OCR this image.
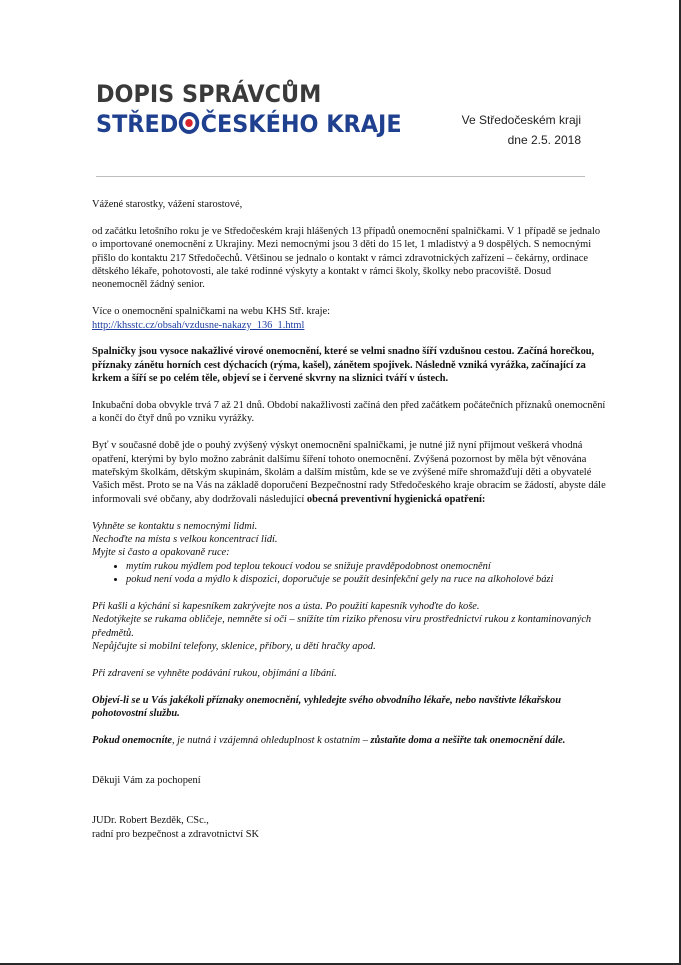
DOPIS SPRÁVCŮM
STŘED ČESKÉHO KRAJE	Ve Středočeském kraji
dne 2.5. 2018

Vážené starostky, vážení starostové,

od začátku letošního roku je ve Středočeském kraji hlášených 13 případů onemocnění spalničkami. V 1 případě se jednalo o importované onemocnění z Ukrajiny. Mezi nemocnými jsou 3 děti do 15 let, 1 mladistvý a 9 dospělých. S nemocnými přišlo do kontaktu 217 Středočechů. Většinou se jednalo o kontakt v rámci zdravotnických zařízení – čekárny, ordinace dětského lékaře, pohotovosti, ale také rodinné výskyty a kontakt v rámci školy, školky nebo pracoviště. Dosud neonemocněl žádný senior.

Více o onemocnění spalničkami na webu KHS Stř. kraje:
http://khsstc.cz/obsah/vzdusne-nakazy_136_1.html

Spalničky jsou vysoce nakažlivé virové onemocnění, které se velmi snadno šíří vzdušnou cestou. Začíná horečkou, příznaky zánětu horních cest dýchacích (rýma, kašel), zánětem spojivek. Následně vzniká vyrážka, začínající za krkem a šíří se po celém těle, objeví se i červené skvrny na sliznici tváří v ústech.

Inkubační doba obvykle trvá 7 až 21 dnů. Období nakažlivosti začíná den před začátkem počátečních příznaků onemocnění a končí do čtyř dnů po vzniku vyrážky.

Byť v současné době jde o pouhý zvýšený výskyt onemocnění spalničkami, je nutné již nyní přijmout veškerá vhodná opatření, kterými by bylo možno zabránit dalšímu šíření tohoto onemocnění. Zvýšená pozornost by měla být věnována mateřským školkám, dětským skupinám, školám a dalším místům, kde se ve zvýšené míře shromažďují děti a obyvatelé Vašich měst. Proto se na Vás na základě doporučení Bezpečnostní rady Středočeského kraje obracím se žádostí, abyste dále informovali své občany, aby dodržovali následující obecná preventivní hygienická opatření:

Vyhněte se kontaktu s nemocnými lidmi.
Nechoďte na místa s velkou koncentrací lidí.
Myjte si často a opakovaně ruce:
• mytím rukou mýdlem pod teplou tekoucí vodou se snižuje pravděpodobnost onemocnění
• pokud není voda a mýdlo k dispozici, doporučuje se použít desinfekční gely na ruce na alkoholové bázi
Při kašli a kýchání si kapesníkem zakrývejte nos a ústa. Po použití kapesník vyhoďte do koše.
Nedotýkejte se rukama obličeje, nemněte si oči – snížíte tím riziko přenosu viru prostřednictví rukou z kontaminovaných předmětů.
Nepůjčujte si mobilní telefony, sklenice, příbory, u dětí hračky apod.
Při zdravení se vyhněte podávání rukou, objímání a líbání.
Objeví-li se u Vás jakékoli příznaky onemocnění, vyhledejte svého obvodního lékaře, nebo navštivte lékařskou pohotovostní službu.
Pokud onemocníte, je nutná i vzájemná ohleduplnost k ostatním – zůstaňte doma a nešiřte tak onemocnění dále.
Děkuji Vám za pochopení
JUDr. Robert Bezděk, CSc.,
radní pro bezpečnost a zdravotnictví SK
